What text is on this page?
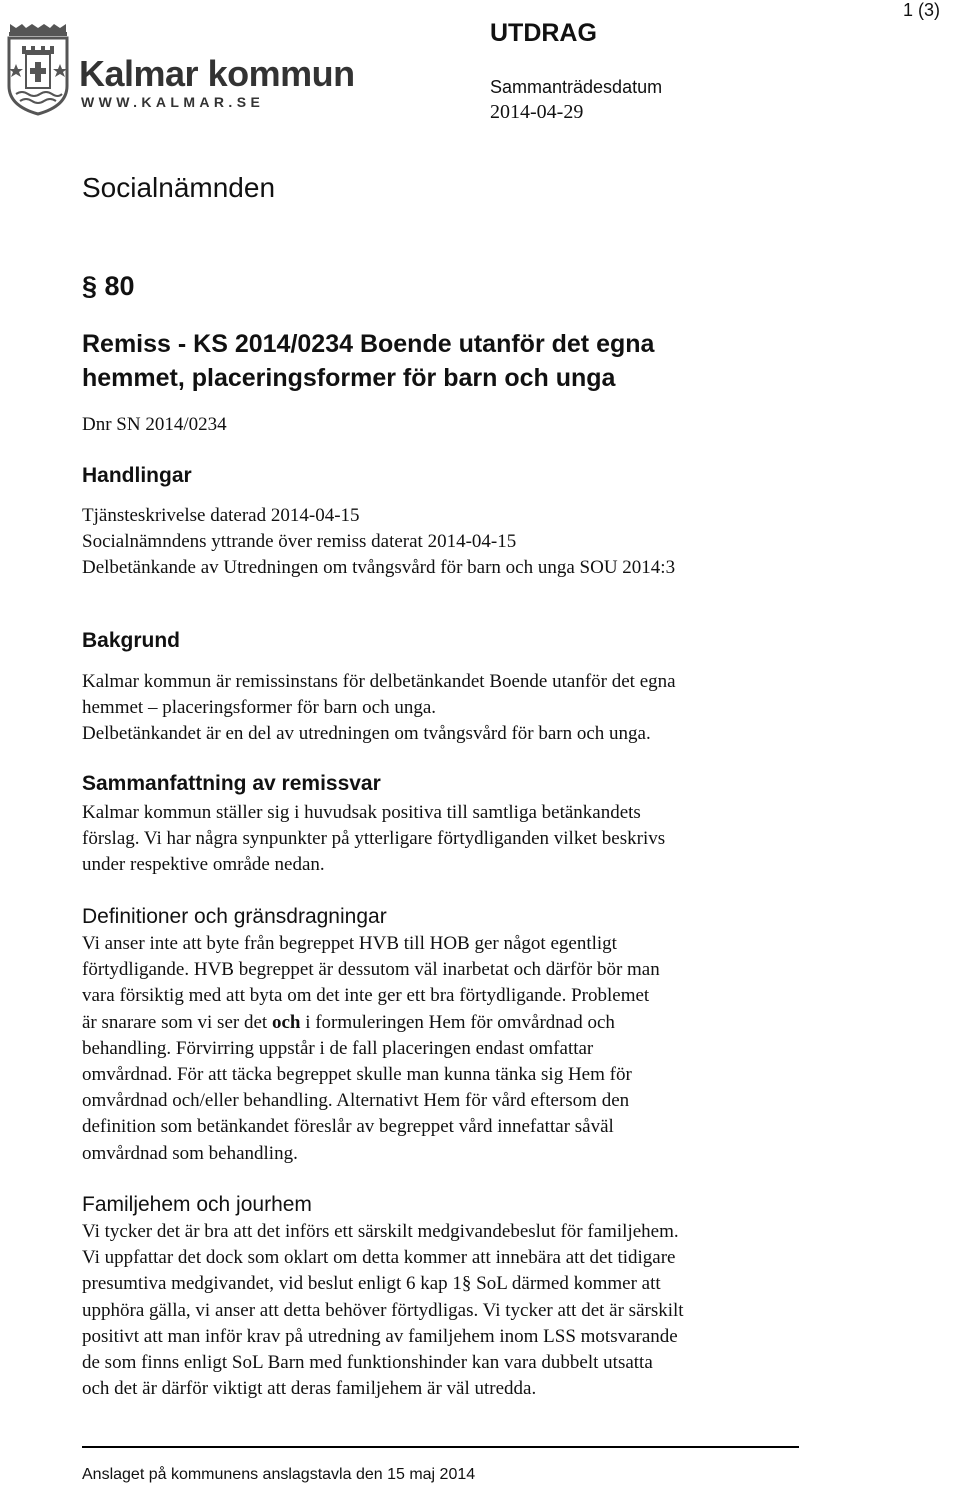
Kalmar kommun
WWW.KALMAR.SE
1 (3)
UTDRAG
Sammanträdesdatum
2014-04-29
Socialnämnden
§ 80
Remiss - KS 2014/0234 Boende utanför det egna
hemmet, placeringsformer för barn och unga
Dnr SN 2014/0234
Handlingar
Tjänsteskrivelse daterad 2014-04-15
Socialnämndens yttrande över remiss daterat 2014-04-15
Delbetänkande av Utredningen om tvångsvård för barn och unga SOU 2014:3
Bakgrund
Kalmar kommun är remissinstans för delbetänkandet Boende utanför det egna
hemmet – placeringsformer för barn och unga.
Delbetänkandet är en del av utredningen om tvångsvård för barn och unga.
Sammanfattning av remissvar
Kalmar kommun ställer sig i huvudsak positiva till samtliga betänkandets
förslag. Vi har några synpunkter på ytterligare förtydliganden vilket beskrivs
under respektive område nedan.
Definitioner och gränsdragningar
Vi anser inte att byte från begreppet HVB till HOB ger något egentligt
förtydligande. HVB begreppet är dessutom väl inarbetat och därför bör man
vara försiktig med att byta om det inte ger ett bra förtydligande. Problemet
är snarare som vi ser det och i formuleringen Hem för omvårdnad och
behandling. Förvirring uppstår i de fall placeringen endast omfattar
omvårdnad. För att täcka begreppet skulle man kunna tänka sig Hem för
omvårdnad och/eller behandling. Alternativt Hem för vård eftersom den
definition som betänkandet föreslår av begreppet vård innefattar såväl
omvårdnad som behandling.
Familjehem och jourhem
Vi tycker det är bra att det införs ett särskilt medgivandebeslut för familjehem.
Vi uppfattar det dock som oklart om detta kommer att innebära att det tidigare
presumtiva medgivandet, vid beslut enligt 6 kap 1§ SoL därmed kommer att
upphöra gälla, vi anser att detta behöver förtydligas. Vi tycker att det är särskilt
positivt att man inför krav på utredning av familjehem inom LSS motsvarande
de som finns enligt SoL Barn med funktionshinder kan vara dubbelt utsatta
och det är därför viktigt att deras familjehem är väl utredda.
Anslaget på kommunens anslagstavla den 15 maj 2014
